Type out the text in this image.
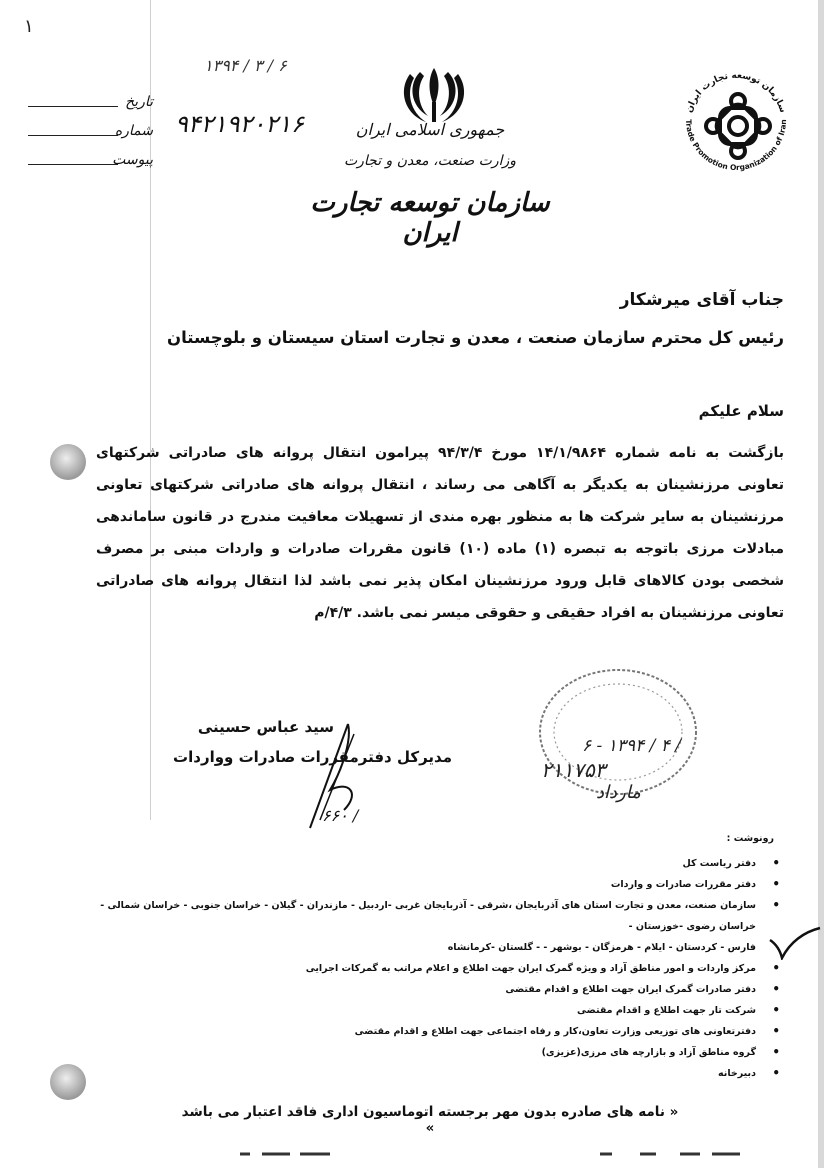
۱
۱۳۹۴ / ۳ / ۶
۹۴۲۱۹۲۰۲۱۶
تاریخ
شماره
پیوست
جمهوری اسلامی ایران
وزارت صنعت، معدن و تجارت
سازمان توسعه تجارت ایران
سازمان توسعه تجارت ایران
Trade Promotion Organization of Iran
جناب آقای میرشکار
رئیس کل محترم سازمان صنعت ، معدن و تجارت استان سیستان و بلوچستان
سلام علیکم
بازگشت به نامه شماره ۱۴/۱/۹۸۶۴ مورخ ۹۴/۳/۴ پیرامون انتقال پروانه های صادراتی شرکتهای تعاونی مرزنشینان به یکدیگر به آگاهی می رساند ، انتقال پروانه های صادراتی شرکتهای تعاونی مرزنشینان به سایر شرکت ها به منظور بهره مندی از تسهیلات معافیت مندرج در قانون ساماندهی مبادلات مرزی باتوجه به تبصره (۱) ماده (۱۰) قانون مقررات صادرات و واردات مبنی بر مصرف شخصی بودن کالاهای قابل ورود مرزنشینان امکان پذیر نمی باشد لذا انتقال پروانه های صادراتی تعاونی مرزنشینان به افراد حقیقی و حقوقی میسر نمی باشد. ۴/۳/م
سید عباس حسینی
مدیرکل دفترمقررات صادرات وواردات
۶۶۰ /
۶ - ۱۳۹۴ / ۴ /
۲۱۱۷۵۳
مارداد
رونوشت :
• دفتر ریاست کل
• دفتر مقررات صادرات و واردات
• سازمان صنعت، معدن و تجارت استان های آذربایجان ،شرقی - آذربایجان غربی -اردبیل - مازندران - گیلان - خراسان جنوبی - خراسان شمالی - خراسان رضوی -خوزستان -
فارس - کردستان - ایلام - هرمزگان - بوشهر - - گلستان -کرمانشاه
• مرکز واردات و امور مناطق آزاد و ویژه گمرک ایران جهت اطلاع و اعلام مراتب به گمرکات اجرایی
• دفتر صادرات گمرک ایران جهت اطلاع و اقدام مقتضی
• شرکت تار جهت اطلاع و اقدام مقتضی
• دفترتعاونی های توزیعی وزارت تعاون،کار و رفاه اجتماعی جهت اطلاع و اقدام مقتضی
• گروه مناطق آزاد و بازارچه های مرزی(عزیزی)
• دبیرخانه
« نامه های صادره بدون مهر برجسته اتوماسیون اداری فاقد اعتبار می باشد »
